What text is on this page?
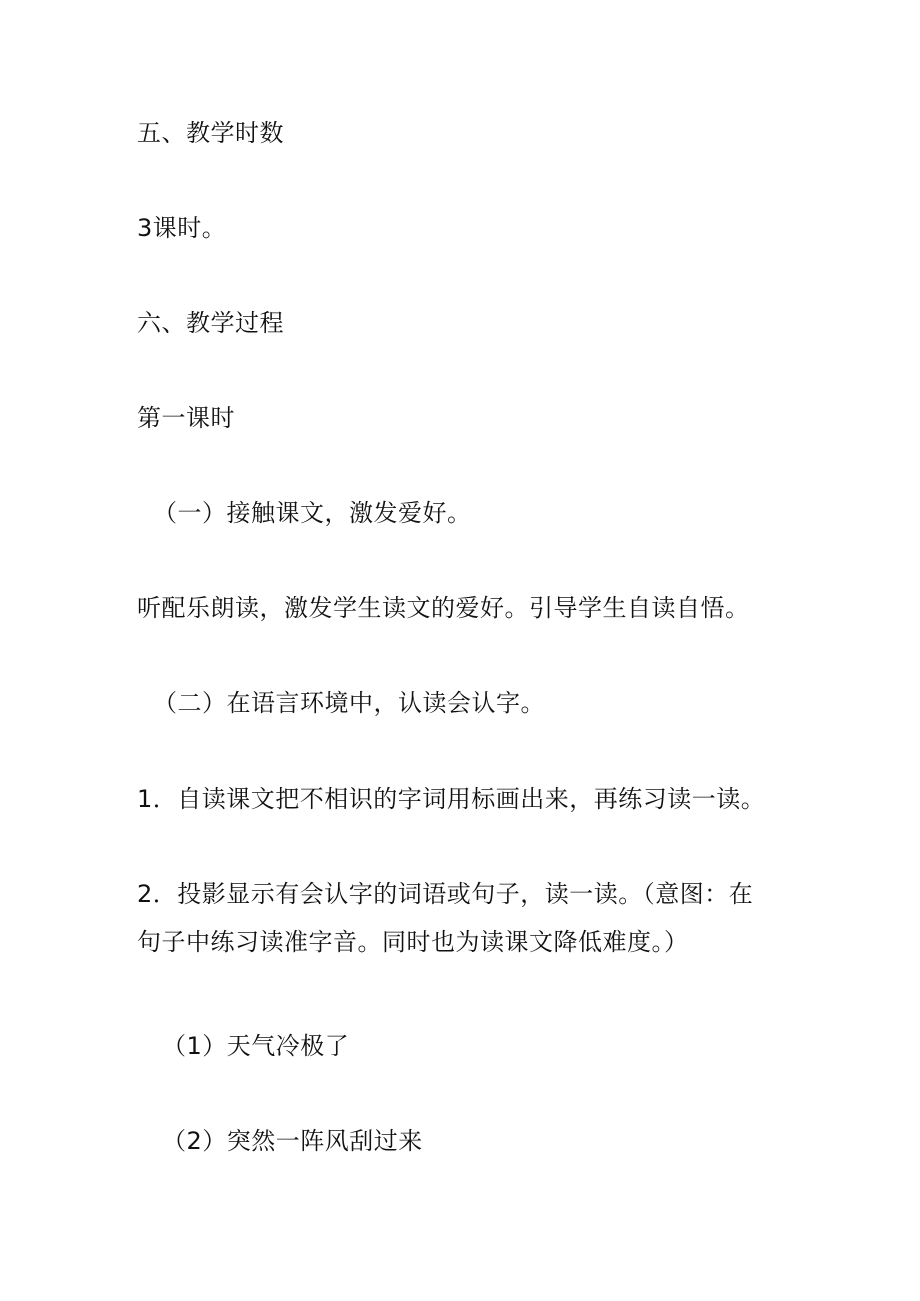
五、教学时数
3课时。
六、教学过程
第一课时
（一）接触课文，激发爱好。
听配乐朗读，激发学生读文的爱好。引导学生自读自悟。
（二）在语言环境中，认读会认字。
1．自读课文把不相识的字词用标画出来，再练习读一读。
2．投影显示有会认字的词语或句子，读一读。（意图：在
句子中练习读准字音。同时也为读课文降低难度。）
（1）天气冷极了
（2）突然一阵风刮过来
